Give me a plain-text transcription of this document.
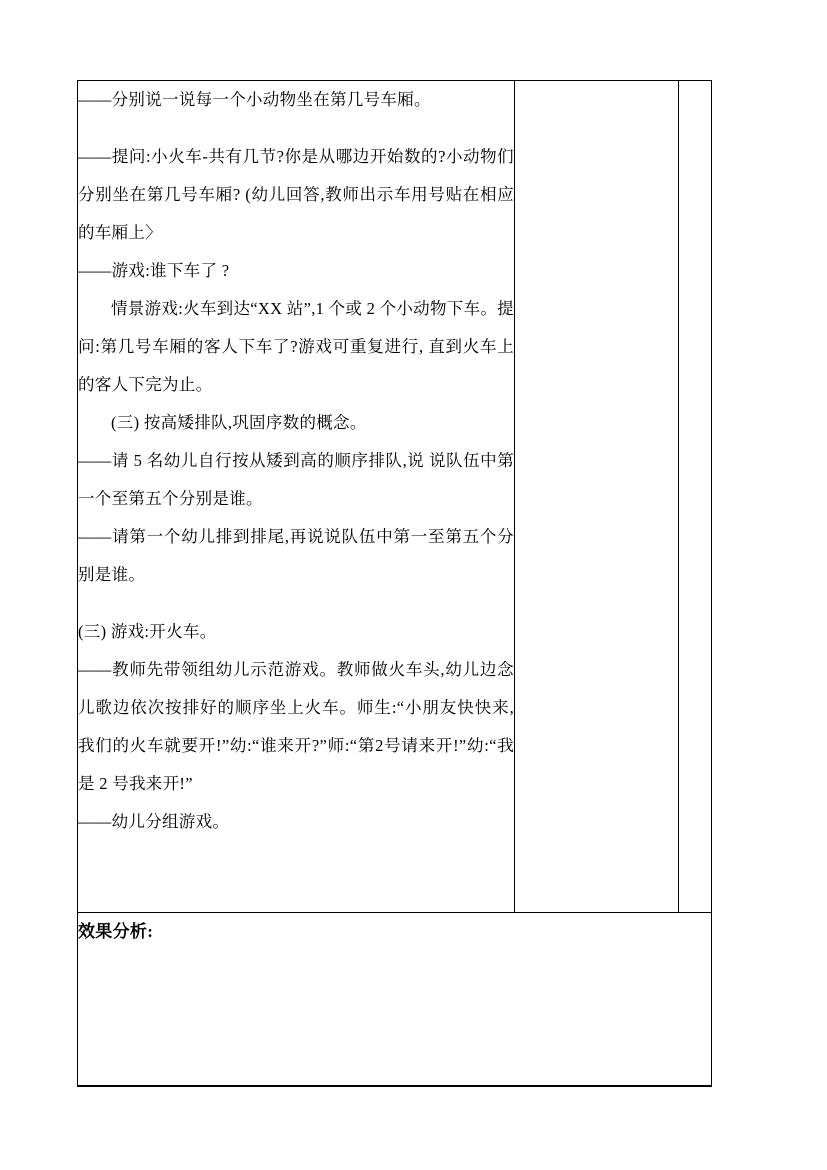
——分别说一说每一个小动物坐在第几号车厢。

——提问:小火车-共有几节?你是从哪边开始数的?小动物们分别坐在第几号车厢? (幼儿回答,教师出示车用号贴在相应的车厢上〉

——游戏:谁下车了 ?

情景游戏:火车到达“XX 站”,1 个或 2 个小动物下车。提问:第几号车厢的客人下车了?游戏可重复进行, 直到火车上的客人下完为止。

(三) 按高矮排队,巩固序数的概念。

——请 5 名幼儿自行按从矮到高的顺序排队,说 说队伍中第一个至第五个分别是谁。

——请第一个幼儿排到排尾,再说说队伍中第一至第五个分别是谁。

(三) 游戏:开火车。

——教师先带领组幼儿示范游戏。教师做火车头,幼儿边念儿歌边依次按排好的顺序坐上火车。师生:“小朋友快快来,我们的火车就要开!”幼:“谁来开?”师:“第2号请来开!”幼:“我是 2 号我来开!”

——幼儿分组游戏。

效果分析:
